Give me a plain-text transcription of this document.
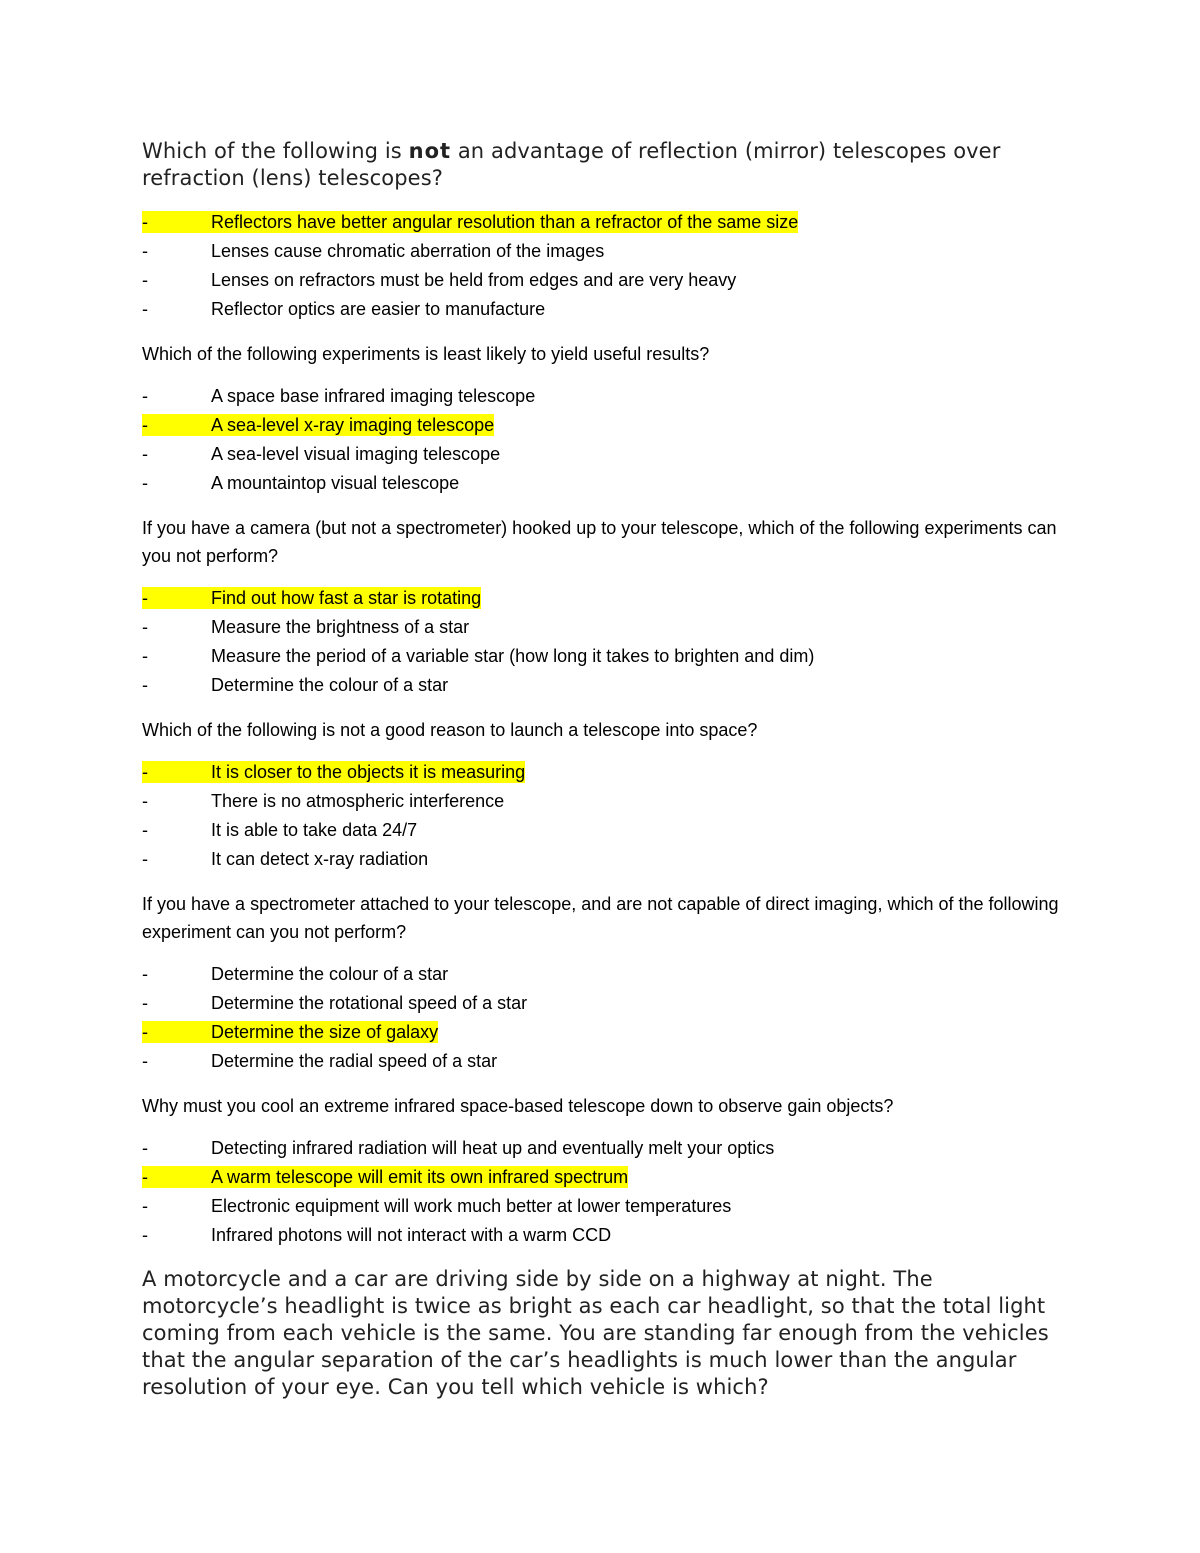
Which of the following is not an advantage of reflection (mirror) telescopes over refraction (lens) telescopes?

-	Reflectors have better angular resolution than a refractor of the same size
-	Lenses cause chromatic aberration of the images
-	Lenses on refractors must be held from edges and are very heavy
-	Reflector optics are easier to manufacture

Which of the following experiments is least likely to yield useful results?

-	A space base infrared imaging telescope
-	A sea-level x-ray imaging telescope
-	A sea-level visual imaging telescope
-	A mountaintop visual telescope

If you have a camera (but not a spectrometer) hooked up to your telescope, which of the following experiments can you not perform?

-	Find out how fast a star is rotating
-	Measure the brightness of a star
-	Measure the period of a variable star (how long it takes to brighten and dim)
-	Determine the colour of a star

Which of the following is not a good reason to launch a telescope into space?

-	It is closer to the objects it is measuring
-	There is no atmospheric interference
-	It is able to take data 24/7
-	It can detect x-ray radiation

If you have a spectrometer attached to your telescope, and are not capable of direct imaging, which of the following experiment can you not perform?

-	Determine the colour of a star
-	Determine the rotational speed of a star
-	Determine the size of galaxy
-	Determine the radial speed of a star

Why must you cool an extreme infrared space-based telescope down to observe gain objects?

-	Detecting infrared radiation will heat up and eventually melt your optics
-	A warm telescope will emit its own infrared spectrum
-	Electronic equipment will work much better at lower temperatures
-	Infrared photons will not interact with a warm CCD

A motorcycle and a car are driving side by side on a highway at night. The motorcycle’s headlight is twice as bright as each car headlight, so that the total light coming from each vehicle is the same. You are standing far enough from the vehicles that the angular separation of the car’s headlights is much lower than the angular resolution of your eye. Can you tell which vehicle is which?
